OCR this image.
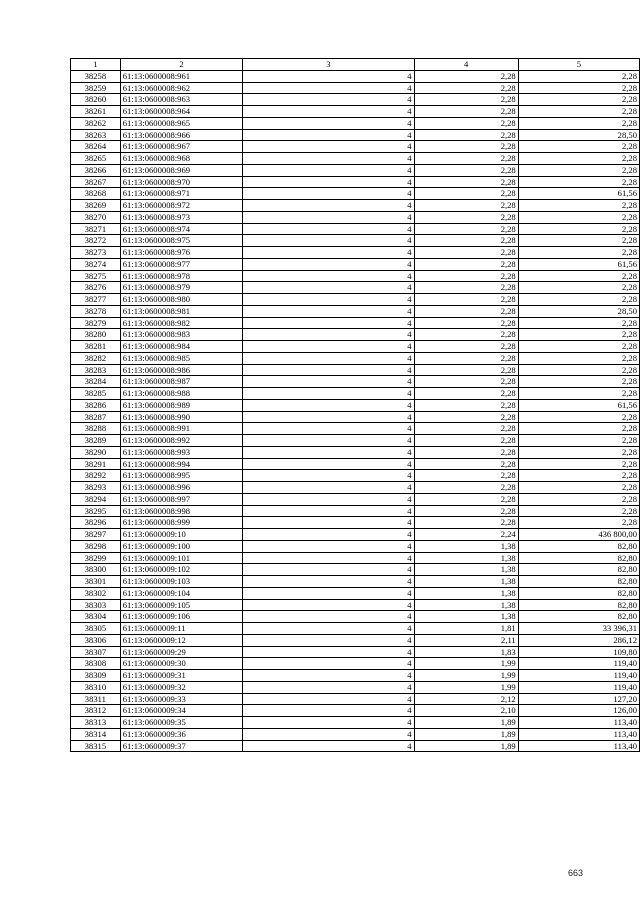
1	2	3	4	5
38258	61:13:0600008:961	4	2,28	2,28
38259	61:13:0600008:962	4	2,28	2,28
38260	61:13:0600008:963	4	2,28	2,28
38261	61:13:0600008:964	4	2,28	2,28
38262	61:13:0600008:965	4	2,28	2,28
38263	61:13:0600008:966	4	2,28	28,50
38264	61:13:0600008:967	4	2,28	2,28
38265	61:13:0600008:968	4	2,28	2,28
38266	61:13:0600008:969	4	2,28	2,28
38267	61:13:0600008:970	4	2,28	2,28
38268	61:13:0600008:971	4	2,28	61,56
38269	61:13:0600008:972	4	2,28	2,28
38270	61:13:0600008:973	4	2,28	2,28
38271	61:13:0600008:974	4	2,28	2,28
38272	61:13:0600008:975	4	2,28	2,28
38273	61:13:0600008:976	4	2,28	2,28
38274	61:13:0600008:977	4	2,28	61,56
38275	61:13:0600008:978	4	2,28	2,28
38276	61:13:0600008:979	4	2,28	2,28
38277	61:13:0600008:980	4	2,28	2,28
38278	61:13:0600008:981	4	2,28	28,50
38279	61:13:0600008:982	4	2,28	2,28
38280	61:13:0600008:983	4	2,28	2,28
38281	61:13:0600008:984	4	2,28	2,28
38282	61:13:0600008:985	4	2,28	2,28
38283	61:13:0600008:986	4	2,28	2,28
38284	61:13:0600008:987	4	2,28	2,28
38285	61:13:0600008:988	4	2,28	2,28
38286	61:13:0600008:989	4	2,28	61,56
38287	61:13:0600008:990	4	2,28	2,28
38288	61:13:0600008:991	4	2,28	2,28
38289	61:13:0600008:992	4	2,28	2,28
38290	61:13:0600008:993	4	2,28	2,28
38291	61:13:0600008:994	4	2,28	2,28
38292	61:13:0600008:995	4	2,28	2,28
38293	61:13:0600008:996	4	2,28	2,28
38294	61:13:0600008:997	4	2,28	2,28
38295	61:13:0600008:998	4	2,28	2,28
38296	61:13:0600008:999	4	2,28	2,28
38297	61:13:0600009:10	4	2,24	436 800,00
38298	61:13:0600009:100	4	1,38	82,80
38299	61:13:0600009:101	4	1,38	82,80
38300	61:13:0600009:102	4	1,38	82,80
38301	61:13:0600009:103	4	1,38	82,80
38302	61:13:0600009:104	4	1,38	82,80
38303	61:13:0600009:105	4	1,38	82,80
38304	61:13:0600009:106	4	1,38	82,80
38305	61:13:0600009:11	4	1,81	33 396,31
38306	61:13:0600009:12	4	2,11	286,12
38307	61:13:0600009:29	4	1,83	109,80
38308	61:13:0600009:30	4	1,99	119,40
38309	61:13:0600009:31	4	1,99	119,40
38310	61:13:0600009:32	4	1,99	119,40
38311	61:13:0600009:33	4	2,12	127,20
38312	61:13:0600009:34	4	2,10	126,00
38313	61:13:0600009:35	4	1,89	113,40
38314	61:13:0600009:36	4	1,89	113,40
38315	61:13:0600009:37	4	1,89	113,40
663
